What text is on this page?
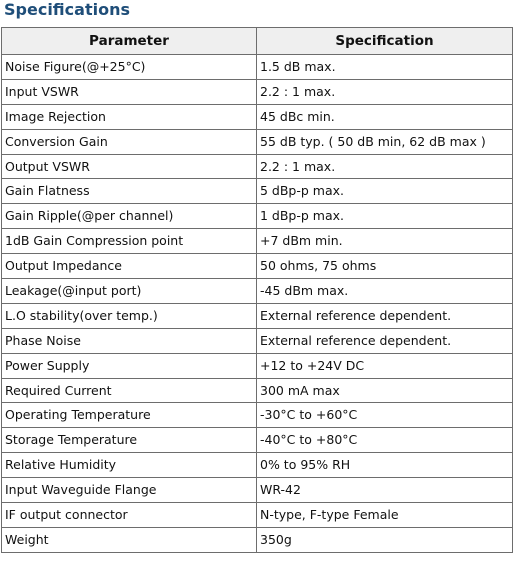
Specifications
Parameter	Specification
Noise Figure(@+25°C)	1.5 dB max.
Input VSWR	2.2 : 1 max.
Image Rejection	45 dBc min.
Conversion Gain	55 dB typ. ( 50 dB min, 62 dB max )
Output VSWR	2.2 : 1 max.
Gain Flatness	5 dBp-p max.
Gain Ripple(@per channel)	1 dBp-p max.
1dB Gain Compression point	+7 dBm min.
Output Impedance	50 ohms, 75 ohms
Leakage(@input port)	-45 dBm max.
L.O stability(over temp.)	External reference dependent.
Phase Noise	External reference dependent.
Power Supply	+12 to +24V DC
Required Current	300 mA max
Operating Temperature	-30°C to +60°C
Storage Temperature	-40°C to +80°C
Relative Humidity	0% to 95% RH
Input Waveguide Flange	WR-42
IF output connector	N-type, F-type Female
Weight	350g
